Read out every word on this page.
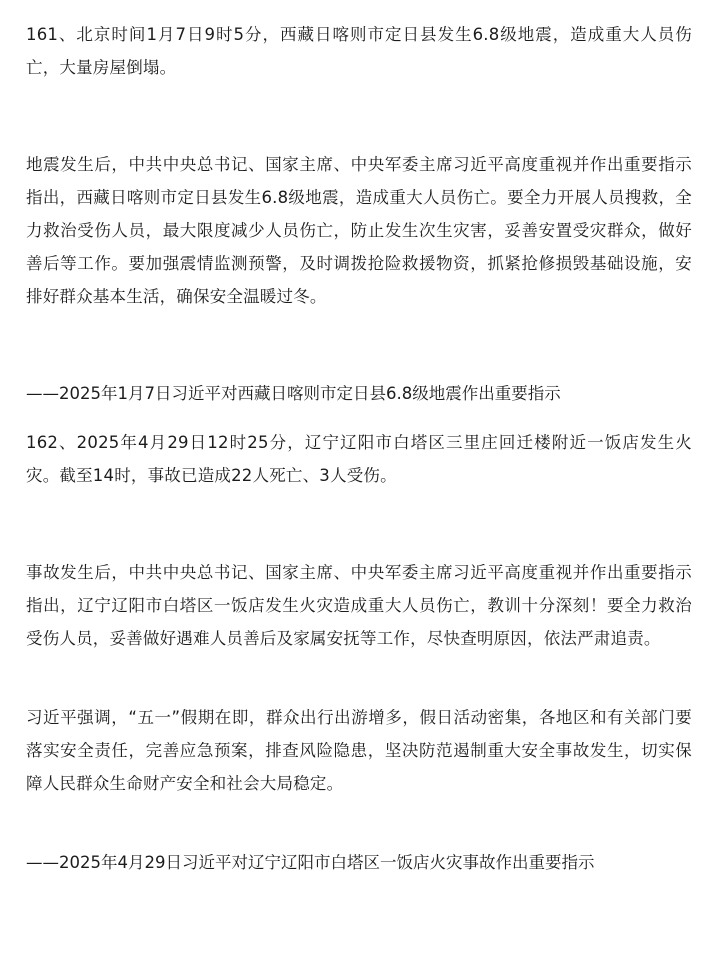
161、北京时间1月7日9时5分，西藏日喀则市定日县发生6.8级地震，造成重大人员伤亡，大量房屋倒塌。

地震发生后，中共中央总书记、国家主席、中央军委主席习近平高度重视并作出重要指示指出，西藏日喀则市定日县发生6.8级地震，造成重大人员伤亡。要全力开展人员搜救，全力救治受伤人员，最大限度减少人员伤亡，防止发生次生灾害，妥善安置受灾群众，做好善后等工作。要加强震情监测预警，及时调拨抢险救援物资，抓紧抢修损毁基础设施，安排好群众基本生活，确保安全温暖过冬。

——2025年1月7日习近平对西藏日喀则市定日县6.8级地震作出重要指示

162、2025年4月29日12时25分，辽宁辽阳市白塔区三里庄回迁楼附近一饭店发生火灾。截至14时，事故已造成22人死亡、3人受伤。

事故发生后，中共中央总书记、国家主席、中央军委主席习近平高度重视并作出重要指示指出，辽宁辽阳市白塔区一饭店发生火灾造成重大人员伤亡，教训十分深刻！要全力救治受伤人员，妥善做好遇难人员善后及家属安抚等工作，尽快查明原因，依法严肃追责。

习近平强调，“五一”假期在即，群众出行出游增多，假日活动密集，各地区和有关部门要落实安全责任，完善应急预案，排查风险隐患，坚决防范遏制重大安全事故发生，切实保障人民群众生命财产安全和社会大局稳定。

——2025年4月29日习近平对辽宁辽阳市白塔区一饭店火灾事故作出重要指示
